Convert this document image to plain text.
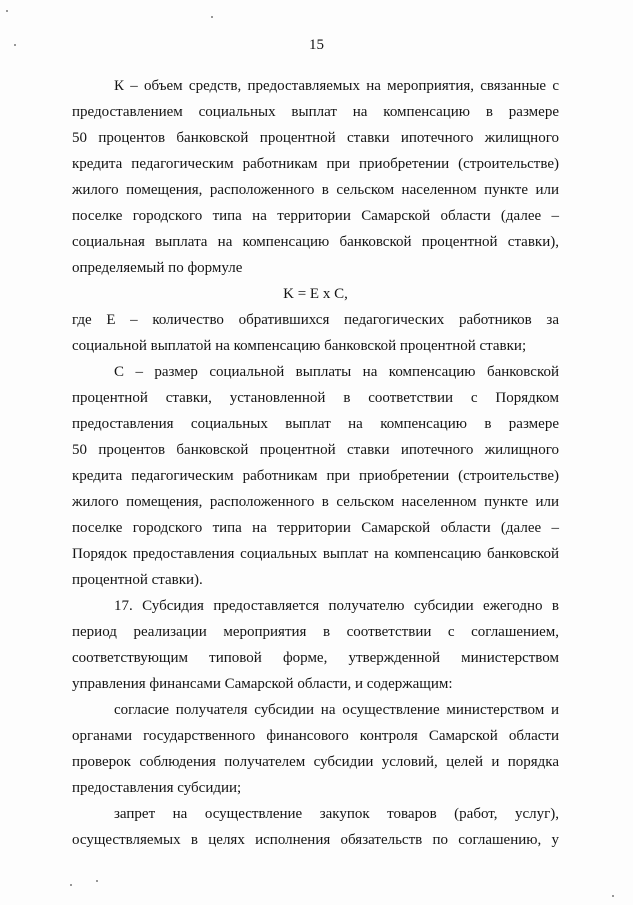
15
К – объем средств, предоставляемых на мероприятия, связанные с
предоставлением социальных выплат на компенсацию в размере
50 процентов банковской процентной ставки ипотечного жилищного
кредита педагогическим работникам при приобретении (строительстве)
жилого помещения, расположенного в сельском населенном пункте или
поселке городского типа на территории Самарской области (далее –
социальная выплата на компенсацию банковской процентной ставки),
определяемый по формуле
K = E x C,
где Е – количество обратившихся педагогических работников за
социальной выплатой на компенсацию банковской процентной ставки;
С – размер социальной выплаты на компенсацию банковской
процентной ставки, установленной в соответствии с Порядком
предоставления социальных выплат на компенсацию в размере
50 процентов банковской процентной ставки ипотечного жилищного
кредита педагогическим работникам при приобретении (строительстве)
жилого помещения, расположенного в сельском населенном пункте или
поселке городского типа на территории Самарской области (далее –
Порядок предоставления социальных выплат на компенсацию банковской
процентной ставки).
17. Субсидия предоставляется получателю субсидии ежегодно в
период реализации мероприятия в соответствии с соглашением,
соответствующим типовой форме, утвержденной министерством
управления финансами Самарской области, и содержащим:
согласие получателя субсидии на осуществление министерством и
органами государственного финансового контроля Самарской области
проверок соблюдения получателем субсидии условий, целей и порядка
предоставления субсидии;
запрет на осуществление закупок товаров (работ, услуг),
осуществляемых в целях исполнения обязательств по соглашению, у
